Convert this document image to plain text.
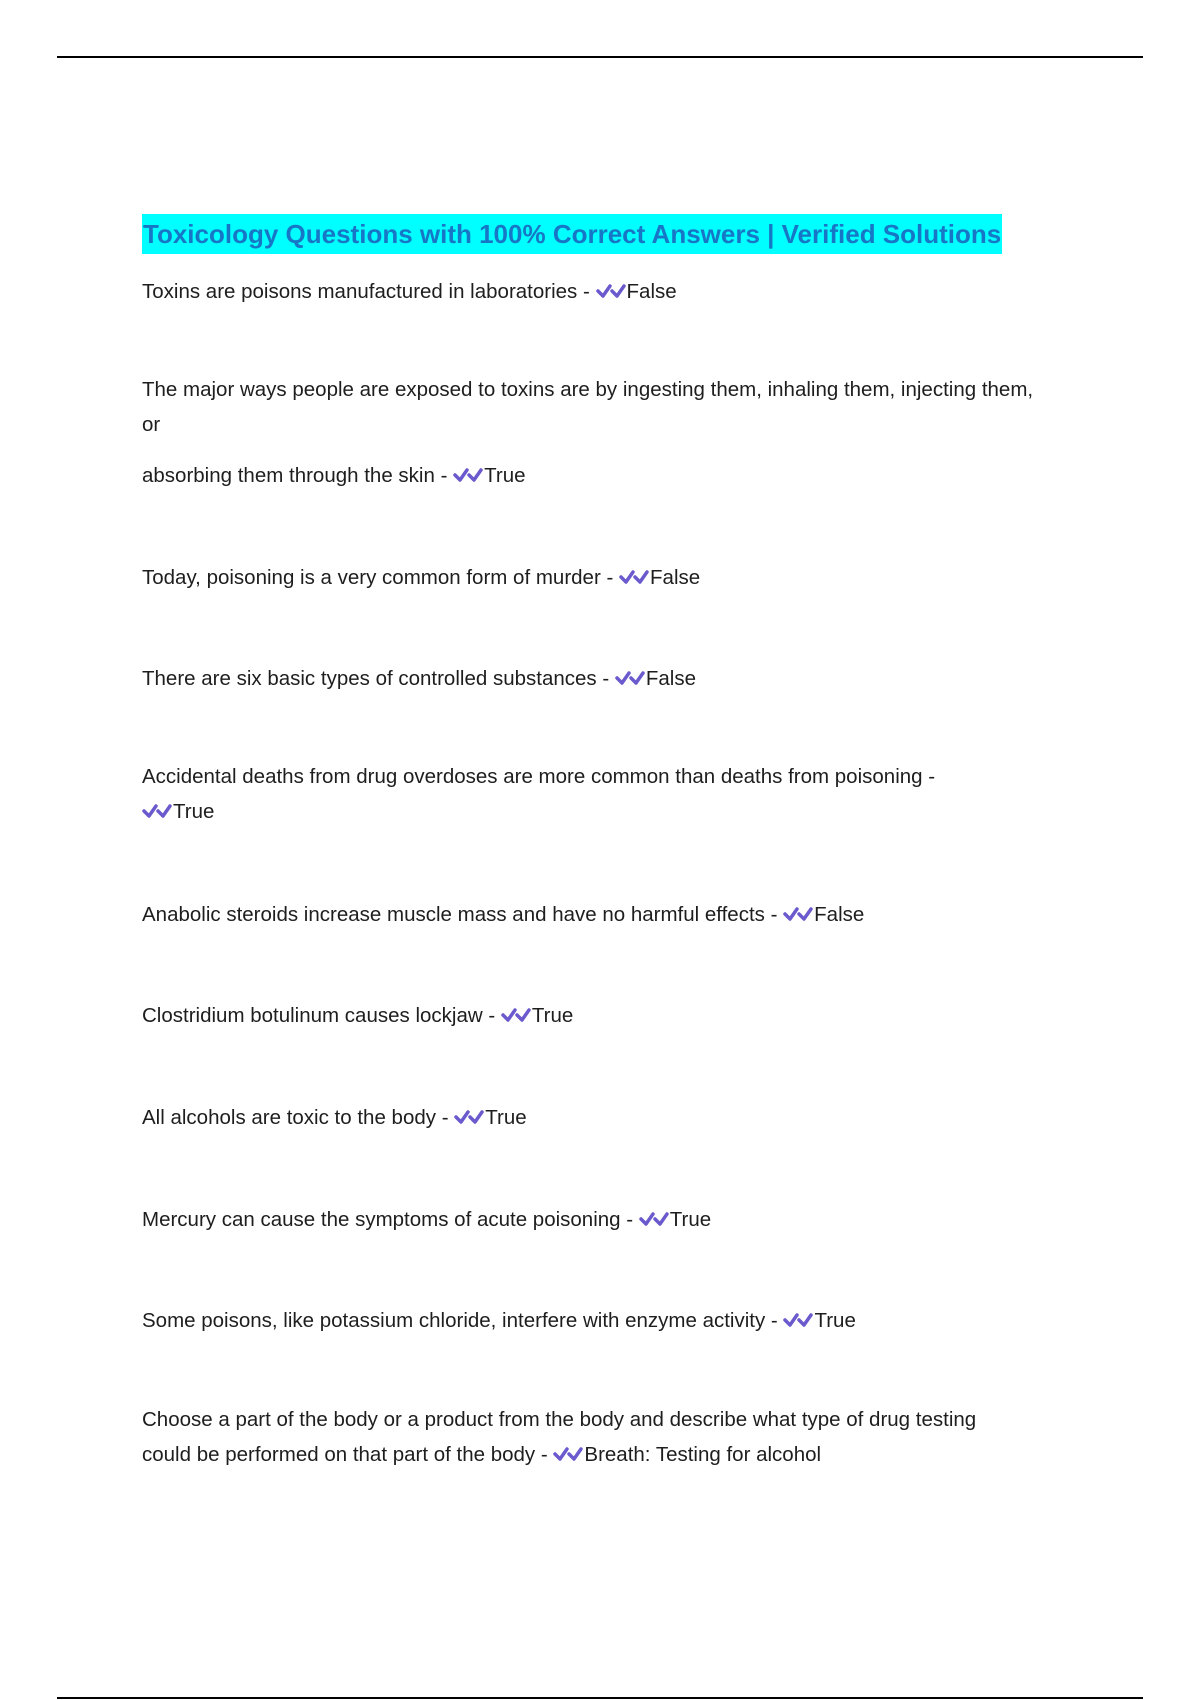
Toxicology Questions with 100% Correct Answers | Verified Solutions
Toxins are poisons manufactured in laboratories - False
The major ways people are exposed to toxins are by ingesting them, inhaling them, injecting them, or
absorbing them through the skin - True
Today, poisoning is a very common form of murder - False
There are six basic types of controlled substances - False
Accidental deaths from drug overdoses are more common than deaths from poisoning -
True
Anabolic steroids increase muscle mass and have no harmful effects - False
Clostridium botulinum causes lockjaw - True
All alcohols are toxic to the body - True
Mercury can cause the symptoms of acute poisoning - True
Some poisons, like potassium chloride, interfere with enzyme activity - True
Choose a part of the body or a product from the body and describe what type of drug testing
could be performed on that part of the body - Breath: Testing for alcohol
